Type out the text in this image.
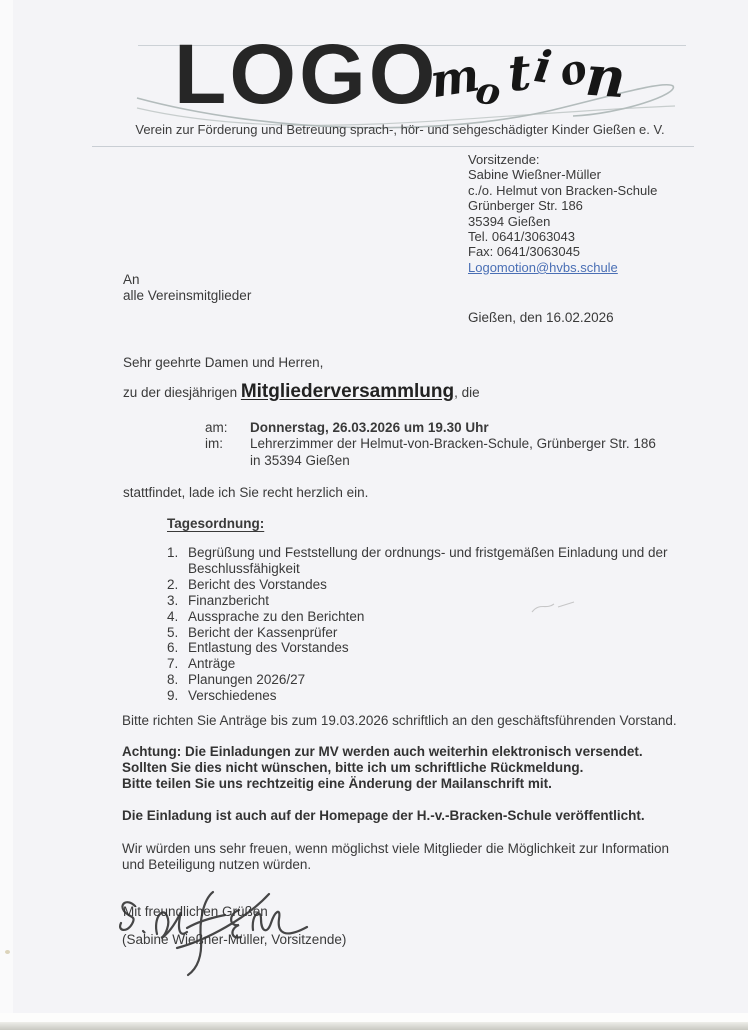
LOGO
motion
Verein zur Förderung und Betreuung sprach-, hör- und sehgeschädigter Kinder Gießen e. V.
Vorsitzende:
Sabine Wießner-Müller
c./o. Helmut von Bracken-Schule
Grünberger Str. 186
35394 Gießen
Tel. 0641/3063043
Fax: 0641/3063045
Logomotion@hvbs.schule
An
alle Vereinsmitglieder
Gießen, den 16.02.2026
Sehr geehrte Damen und Herren,
zu der diesjährigen Mitgliederversammlung, die
am:	Donnerstag, 26.03.2026 um 19.30 Uhr
im:	Lehrerzimmer der Helmut-von-Bracken-Schule, Grünberger Str. 186
in 35394 Gießen
stattfindet, lade ich Sie recht herzlich ein.
Tagesordnung:
1. Begrüßung und Feststellung der ordnungs- und fristgemäßen Einladung und der
Beschlussfähigkeit
2. Bericht des Vorstandes
3. Finanzbericht
4. Aussprache zu den Berichten
5. Bericht der Kassenprüfer
6. Entlastung des Vorstandes
7. Anträge
8. Planungen 2026/27
9. Verschiedenes
Bitte richten Sie Anträge bis zum 19.03.2026 schriftlich an den geschäftsführenden Vorstand.
Achtung: Die Einladungen zur MV werden auch weiterhin elektronisch versendet.
Sollten Sie dies nicht wünschen, bitte ich um schriftliche Rückmeldung.
Bitte teilen Sie uns rechtzeitig eine Änderung der Mailanschrift mit.
Die Einladung ist auch auf der Homepage der H.-v.-Bracken-Schule veröffentlicht.
Wir würden uns sehr freuen, wenn möglichst viele Mitglieder die Möglichkeit zur Information
und Beteiligung nutzen würden.
Mit freundlichen Grüßen
(Sabine Wießner-Müller, Vorsitzende)
